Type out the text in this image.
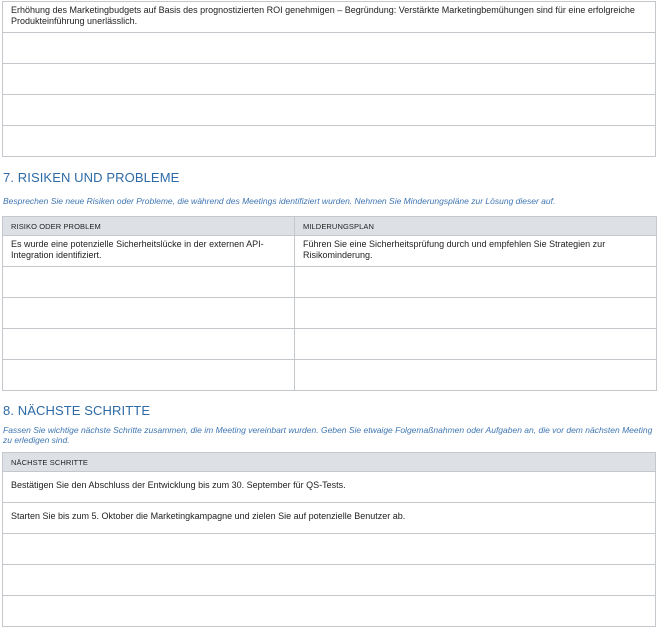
Erhöhung des Marketingbudgets auf Basis des prognostizierten ROI genehmigen – Begründung: Verstärkte Marketingbemühungen sind für eine erfolgreiche Produkteinführung unerlässlich.

7. RISIKEN UND PROBLEME

Besprechen Sie neue Risiken oder Probleme, die während des Meetings identifiziert wurden. Nehmen Sie Minderungspläne zur Lösung dieser auf.

RISIKO ODER PROBLEM	MILDERUNGSPLAN

Es wurde eine potenzielle Sicherheitslücke in der externen API-Integration identifiziert.	Führen Sie eine Sicherheitsprüfung durch und empfehlen Sie Strategien zur Risikominderung.

8. NÄCHSTE SCHRITTE

Fassen Sie wichtige nächste Schritte zusammen, die im Meeting vereinbart wurden. Geben Sie etwaige Folgemaßnahmen oder Aufgaben an, die vor dem nächsten Meeting zu erledigen sind.

NÄCHSTE SCHRITTE

Bestätigen Sie den Abschluss der Entwicklung bis zum 30. September für QS-Tests.

Starten Sie bis zum 5. Oktober die Marketingkampagne und zielen Sie auf potenzielle Benutzer ab.
